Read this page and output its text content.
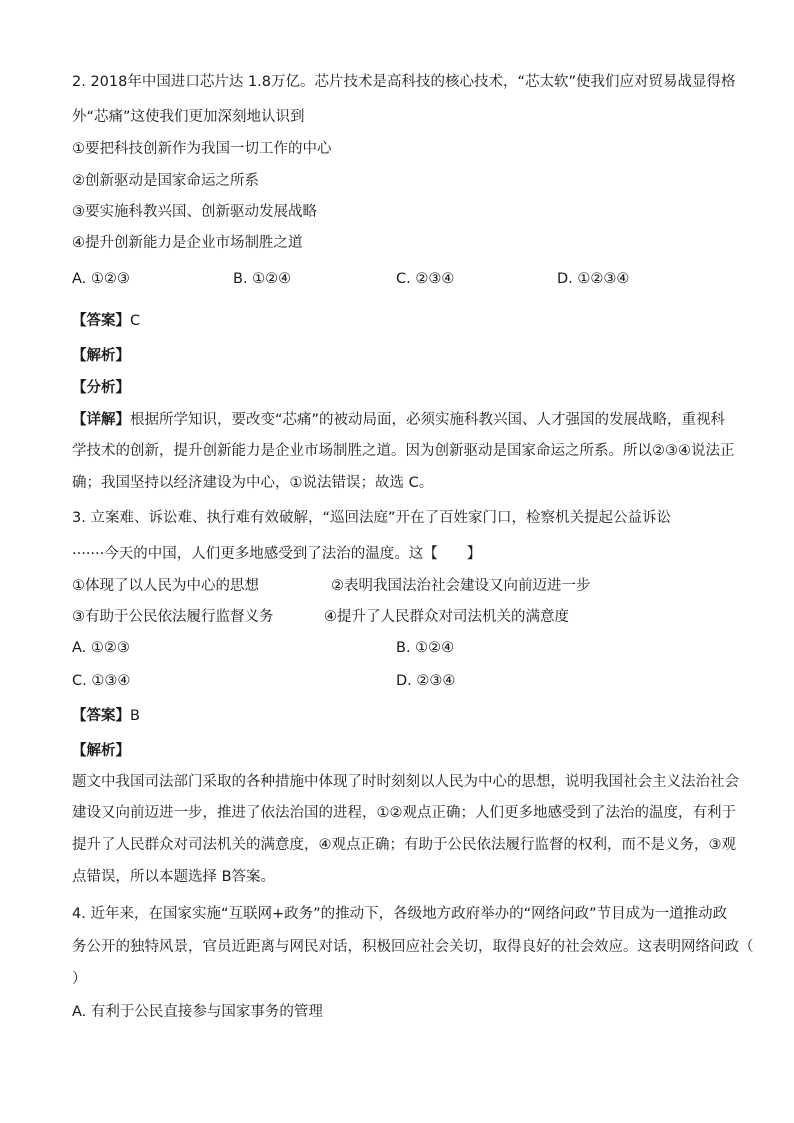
2. 2018年中国进口芯片达 1.8万亿。芯片技术是高科技的核心技术，“芯太软”使我们应对贸易战显得格
外“芯痛”这使我们更加深刻地认识到
①要把科技创新作为我国一切工作的中心
②创新驱动是国家命运之所系
③要实施科教兴国、创新驱动发展战略
④提升创新能力是企业市场制胜之道
A. ①②③	B. ①②④	C. ②③④	D. ①②③④
【答案】C
【解析】
【分析】
【详解】根据所学知识，要改变“芯痛”的被动局面，必须实施科教兴国、人才强国的发展战略，重视科
学技术的创新，提升创新能力是企业市场制胜之道。因为创新驱动是国家命运之所系。所以②③④说法正
确；我国坚持以经济建设为中心，①说法错误；故选 C。
3. 立案难、诉讼难、执行难有效破解，“巡回法庭”开在了百姓家门口，检察机关提起公益诉讼
·······今天的中国，人们更多地感受到了法治的温度。这【　　】
①体现了以人民为中心的思想	②表明我国法治社会建设又向前迈进一步
③有助于公民依法履行监督义务	④提升了人民群众对司法机关的满意度
A. ①②③	B. ①②④
C. ①③④	D. ②③④
【答案】B
【解析】
题文中我国司法部门采取的各种措施中体现了时时刻刻以人民为中心的思想，说明我国社会主义法治社会
建设又向前迈进一步，推进了依法治国的进程，①②观点正确；人们更多地感受到了法治的温度，有利于
提升了人民群众对司法机关的满意度，④观点正确；有助于公民依法履行监督的权利，而不是义务，③观
点错误，所以本题选择 B答案。
4. 近年来，在国家实施“互联网+政务”的推动下，各级地方政府举办的“网络问政”节目成为一道推动政
务公开的独特风景，官员近距离与网民对话，积极回应社会关切，取得良好的社会效应。这表明网络问政（
）
A. 有利于公民直接参与国家事务的管理
